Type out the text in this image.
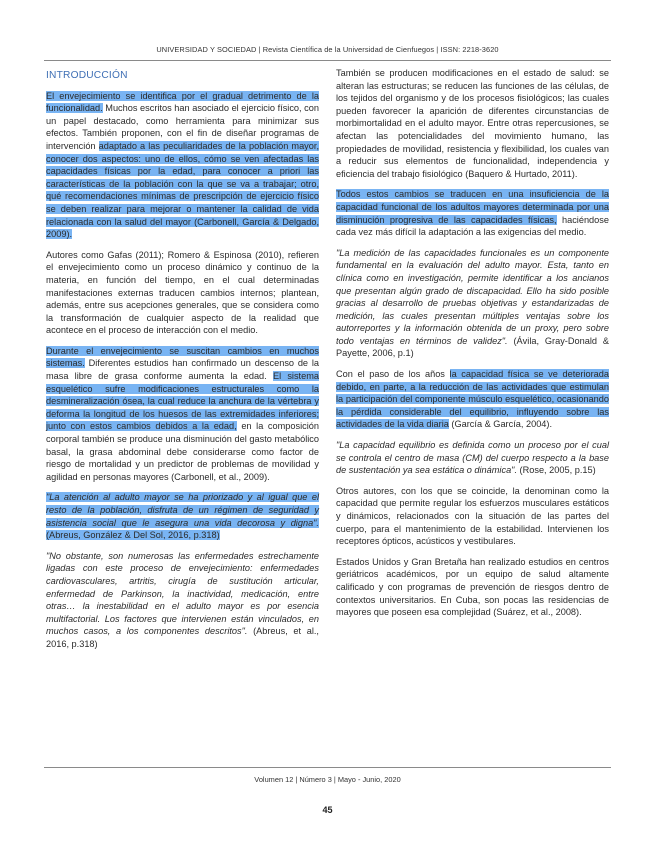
UNIVERSIDAD Y SOCIEDAD | Revista Científica de la Universidad de Cienfuegos | ISSN: 2218-3620
INTRODUCCIÓN

El envejecimiento se identifica por el gradual detrimento de la funcionalidad. Muchos escritos han asociado el ejercicio físico, con un papel destacado, como herramienta para minimizar sus efectos. También proponen, con el fin de diseñar programas de intervención adaptado a las peculiaridades de la población mayor, conocer dos aspectos: uno de ellos, cómo se ven afectadas las capacidades físicas por la edad, para conocer a priori las características de la población con la que se va a trabajar; otro, qué recomendaciones mínimas de prescripción de ejercicio físico se deben realizar para mejorar o mantener la calidad de vida relacionada con la salud del mayor (Carbonell, García & Delgado, 2009).

Autores como Gafas (2011); Romero & Espinosa (2010), refieren el envejecimiento como un proceso dinámico y continuo de la materia, en función del tiempo, en el cual determinadas manifestaciones externas traducen cambios internos; plantean, además, entre sus acepciones generales, que se considera como la transformación de cualquier aspecto de la realidad que acontece en el proceso de interacción con el medio.

Durante el envejecimiento se suscitan cambios en muchos sistemas. Diferentes estudios han confirmado un descenso de la masa libre de grasa conforme aumenta la edad. El sistema esquelético sufre modificaciones estructurales como la desmineralización ósea, la cual reduce la anchura de la vértebra y deforma la longitud de los huesos de las extremidades inferiores; junto con estos cambios debidos a la edad, en la composición corporal también se produce una disminución del gasto metabólico basal, la grasa abdominal debe considerarse como factor de riesgo de mortalidad y un predictor de problemas de movilidad y agilidad en personas mayores (Carbonell, et al., 2009).

"La atención al adulto mayor se ha priorizado y al igual que el resto de la población, disfruta de un régimen de seguridad y asistencia social que le asegura una vida decorosa y digna". (Abreus, González & Del Sol, 2016, p.318)

"No obstante, son numerosas las enfermedades estrechamente ligadas con este proceso de envejecimiento: enfermedades cardiovasculares, artritis, cirugía de sustitución articular, enfermedad de Parkinson, la inactividad, medicación, entre otras… la inestabilidad en el adulto mayor es por esencia multifactorial. Los factores que intervienen están vinculados, en muchos casos, a los componentes descritos". (Abreus, et al., 2016, p.318)

También se producen modificaciones en el estado de salud: se alteran las estructuras; se reducen las funciones de las células, de los tejidos del organismo y de los procesos fisiológicos; las cuales pueden favorecer la aparición de diferentes circunstancias de morbimortalidad en el adulto mayor. Entre otras repercusiones, se afectan las potencialidades del movimiento humano, las propiedades de movilidad, resistencia y flexibilidad, los cuales van a reducir sus elementos de funcionalidad, independencia y eficiencia del trabajo fisiológico (Baquero & Hurtado, 2011).

Todos estos cambios se traducen en una insuficiencia de la capacidad funcional de los adultos mayores determinada por una disminución progresiva de las capacidades físicas, haciéndose cada vez más difícil la adaptación a las exigencias del medio.

"La medición de las capacidades funcionales es un componente fundamental en la evaluación del adulto mayor. Esta, tanto en clínica como en investigación, permite identificar a los ancianos que presentan algún grado de discapacidad. Ello ha sido posible gracias al desarrollo de pruebas objetivas y estandarizadas de medición, las cuales presentan múltiples ventajas sobre los autorreportes y la información obtenida de un proxy, pero sobre todo ventajas en términos de validez". (Ávila, Gray-Donald & Payette, 2006, p.1)

Con el paso de los años la capacidad física se ve deteriorada debido, en parte, a la reducción de las actividades que estimulan la participación del componente músculo esquelético, ocasionando la pérdida considerable del equilibrio, influyendo sobre las actividades de la vida diaria (García & García, 2004).

"La capacidad equilibrio es definida como un proceso por el cual se controla el centro de masa (CM) del cuerpo respecto a la base de sustentación ya sea estática o dinámica". (Rose, 2005, p.15)

Otros autores, con los que se coincide, la denominan como la capacidad que permite regular los esfuerzos musculares estáticos y dinámicos, relacionados con la situación de las partes del cuerpo, para el mantenimiento de la estabilidad. Intervienen los receptores ópticos, acústicos y vestibulares.

Estados Unidos y Gran Bretaña han realizado estudios en centros geriátricos académicos, por un equipo de salud altamente calificado y con programas de prevención de riesgos dentro de contextos universitarios. En Cuba, son pocas las residencias de mayores que poseen esa complejidad (Suárez, et al., 2008).

Volumen 12 | Número 3 | Mayo - Junio, 2020
45
